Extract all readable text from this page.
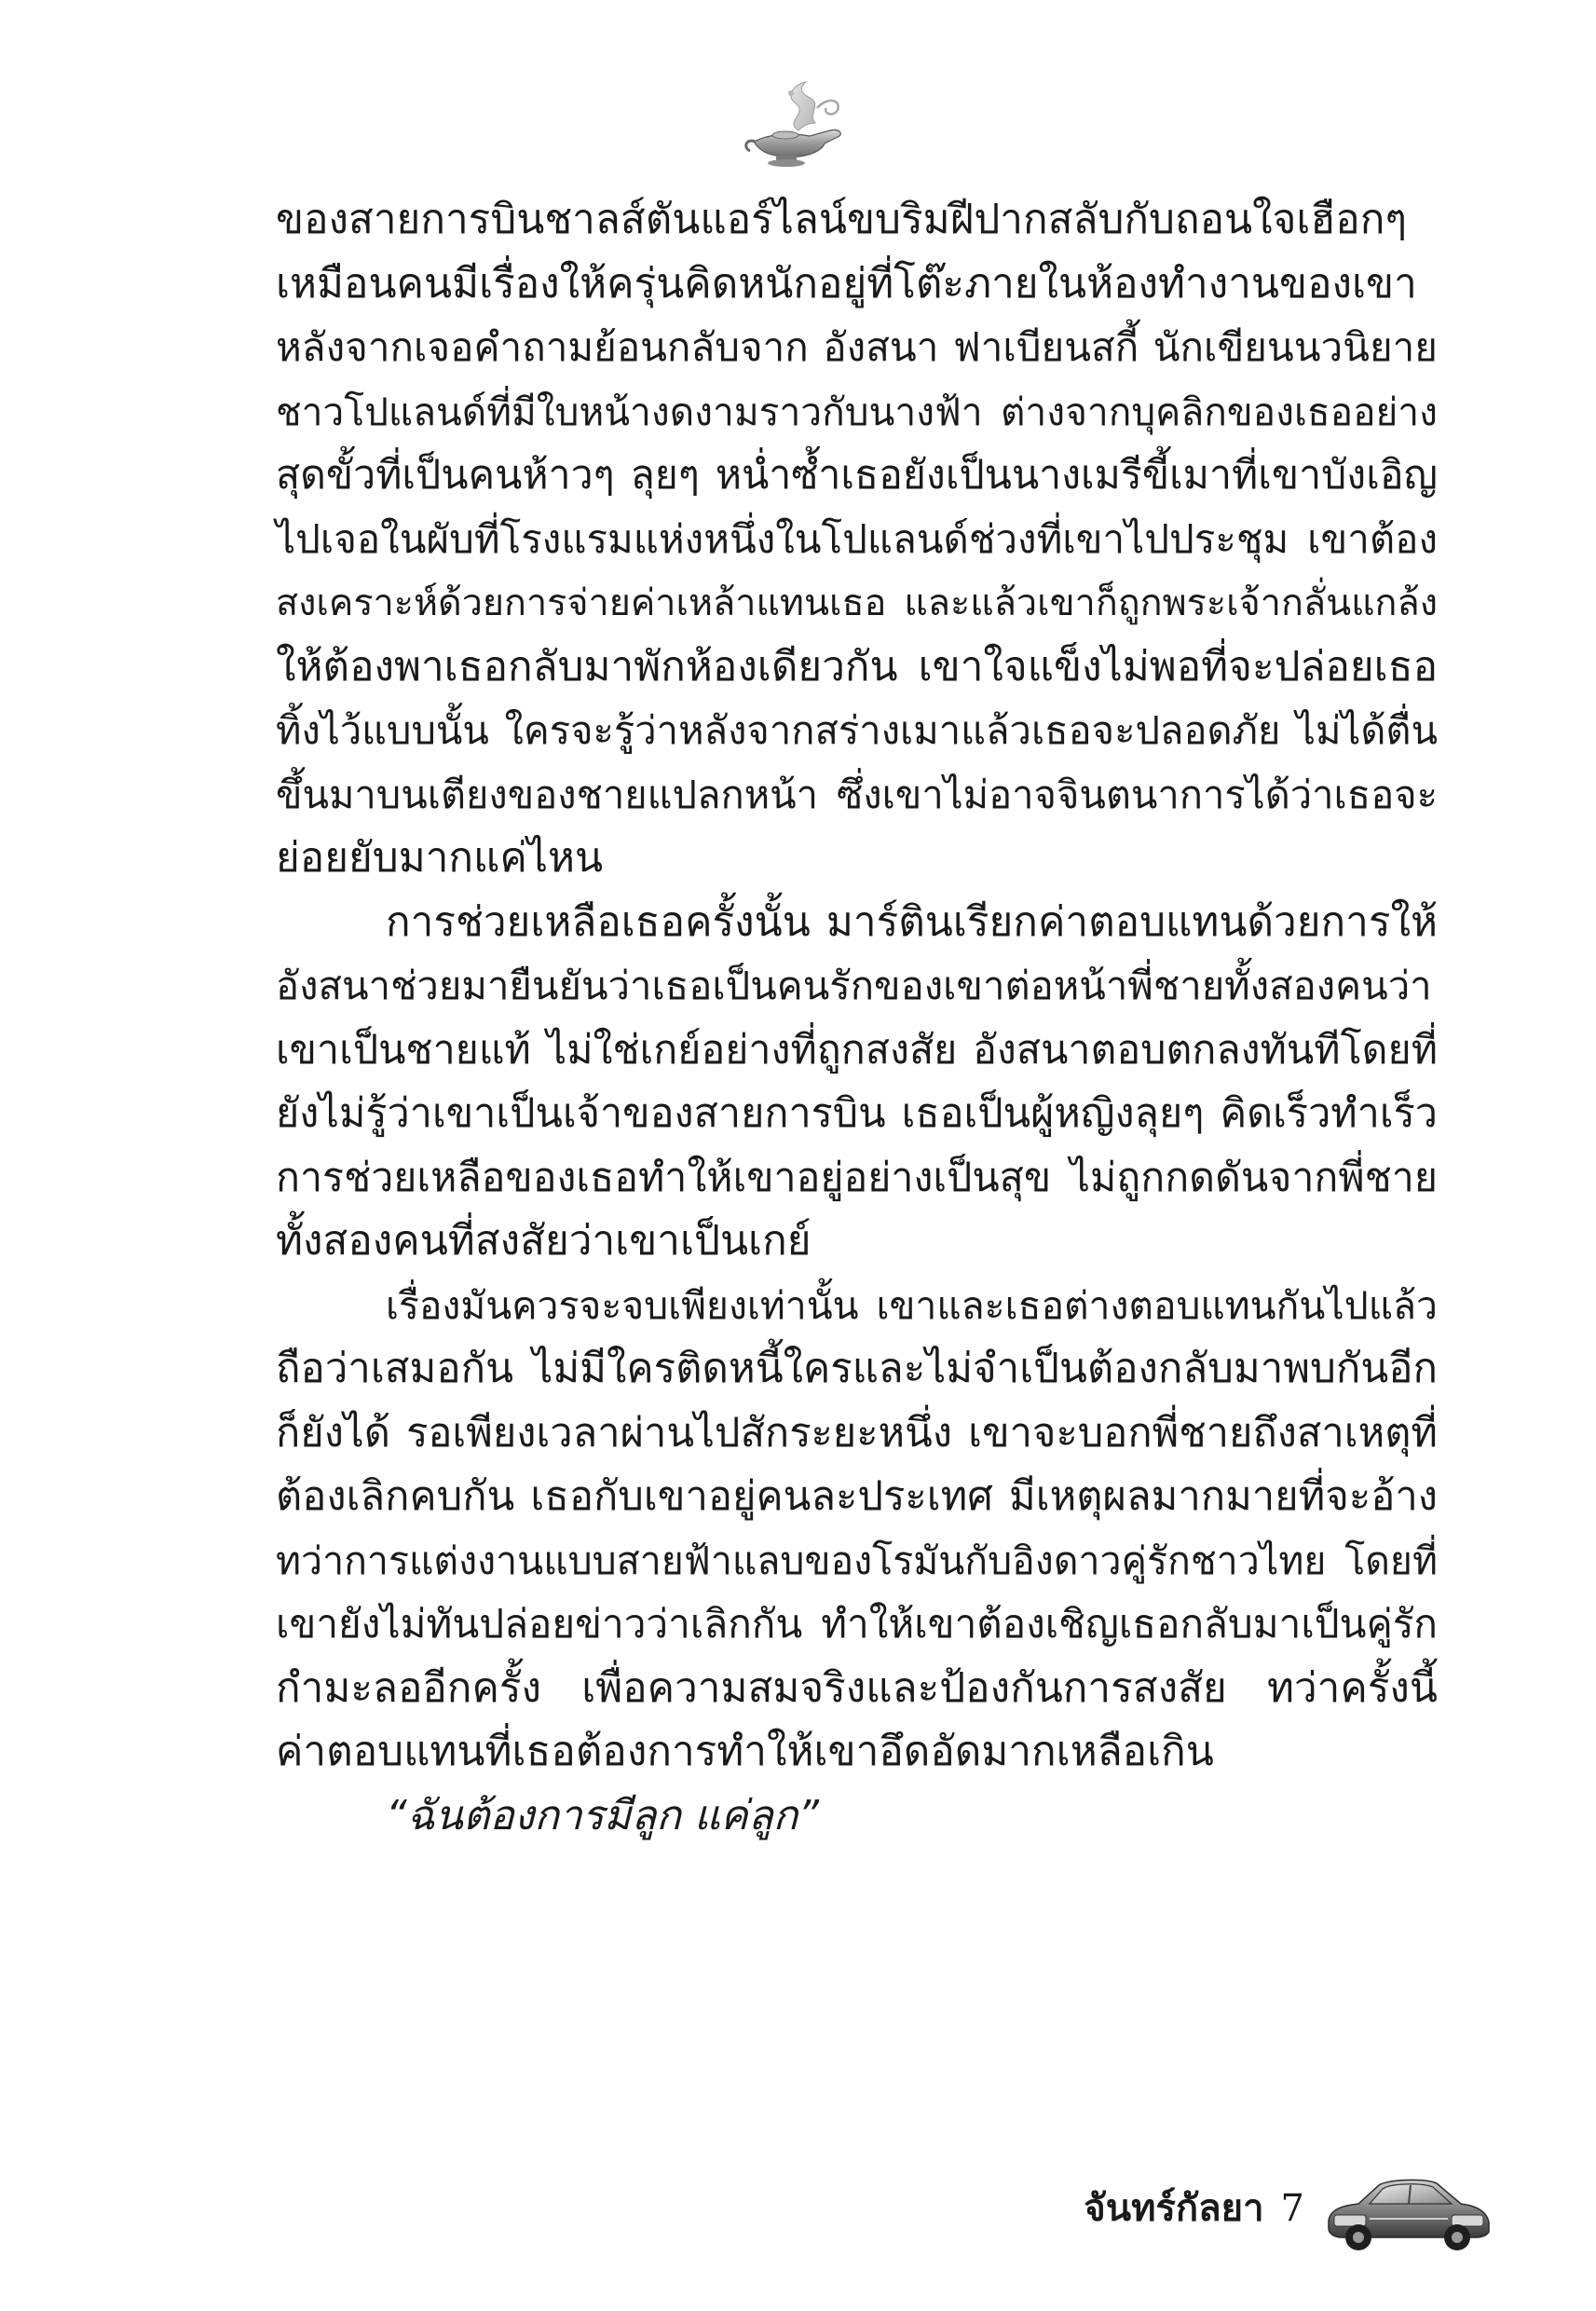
ของสายการบินชาลส์ตันแอร์ไลน์ขบริมฝีปากสลับกับถอนใจเฮือกๆ
เหมือนคนมีเรื่องให้ครุ่นคิดหนักอยู่ที่โต๊ะภายในห้องทำงานของเขา
หลังจากเจอคำถามย้อนกลับจาก อังสนา ฟาเบียนสกี้ นักเขียนนวนิยาย
ชาวโปแลนด์ที่มีใบหน้างดงามราวกับนางฟ้า ต่างจากบุคลิกของเธออย่าง
สุดขั้วที่เป็นคนห้าวๆ ลุยๆ หน่ำซ้ำเธอยังเป็นนางเมรีขี้เมาที่เขาบังเอิญ
ไปเจอในผับที่โรงแรมแห่งหนึ่งในโปแลนด์ช่วงที่เขาไปประชุม เขาต้อง
สงเคราะห์ด้วยการจ่ายค่าเหล้าแทนเธอ และแล้วเขาก็ถูกพระเจ้ากลั่นแกล้ง
ให้ต้องพาเธอกลับมาพักห้องเดียวกัน เขาใจแข็งไม่พอที่จะปล่อยเธอ
ทิ้งไว้แบบนั้น ใครจะรู้ว่าหลังจากสร่างเมาแล้วเธอจะปลอดภัย ไม่ได้ตื่น
ขึ้นมาบนเตียงของชายแปลกหน้า ซึ่งเขาไม่อาจจินตนาการได้ว่าเธอจะ
ย่อยยับมากแค่ไหน
การช่วยเหลือเธอครั้งนั้น มาร์ตินเรียกค่าตอบแทนด้วยการให้
อังสนาช่วยมายืนยันว่าเธอเป็นคนรักของเขาต่อหน้าพี่ชายทั้งสองคนว่า
เขาเป็นชายแท้ ไม่ใช่เกย์อย่างที่ถูกสงสัย อังสนาตอบตกลงทันทีโดยที่
ยังไม่รู้ว่าเขาเป็นเจ้าของสายการบิน เธอเป็นผู้หญิงลุยๆ คิดเร็วทำเร็ว
การช่วยเหลือของเธอทำให้เขาอยู่อย่างเป็นสุข ไม่ถูกกดดันจากพี่ชาย
ทั้งสองคนที่สงสัยว่าเขาเป็นเกย์
เรื่องมันควรจะจบเพียงเท่านั้น เขาและเธอต่างตอบแทนกันไปแล้ว
ถือว่าเสมอกัน ไม่มีใครติดหนี้ใครและไม่จำเป็นต้องกลับมาพบกันอีก
ก็ยังได้ รอเพียงเวลาผ่านไปสักระยะหนึ่ง เขาจะบอกพี่ชายถึงสาเหตุที่
ต้องเลิกคบกัน เธอกับเขาอยู่คนละประเทศ มีเหตุผลมากมายที่จะอ้าง
ทว่าการแต่งงานแบบสายฟ้าแลบของโรมันกับอิงดาวคู่รักชาวไทย โดยที่
เขายังไม่ทันปล่อยข่าวว่าเลิกกัน ทำให้เขาต้องเชิญเธอกลับมาเป็นคู่รัก
กำมะลออีกครั้ง เพื่อความสมจริงและป้องกันการสงสัย ทว่าครั้งนี้
ค่าตอบแทนที่เธอต้องการทำให้เขาอึดอัดมากเหลือเกิน
“ฉันต้องการมีลูก แค่ลูก”
จันทร์กัลยา 7
